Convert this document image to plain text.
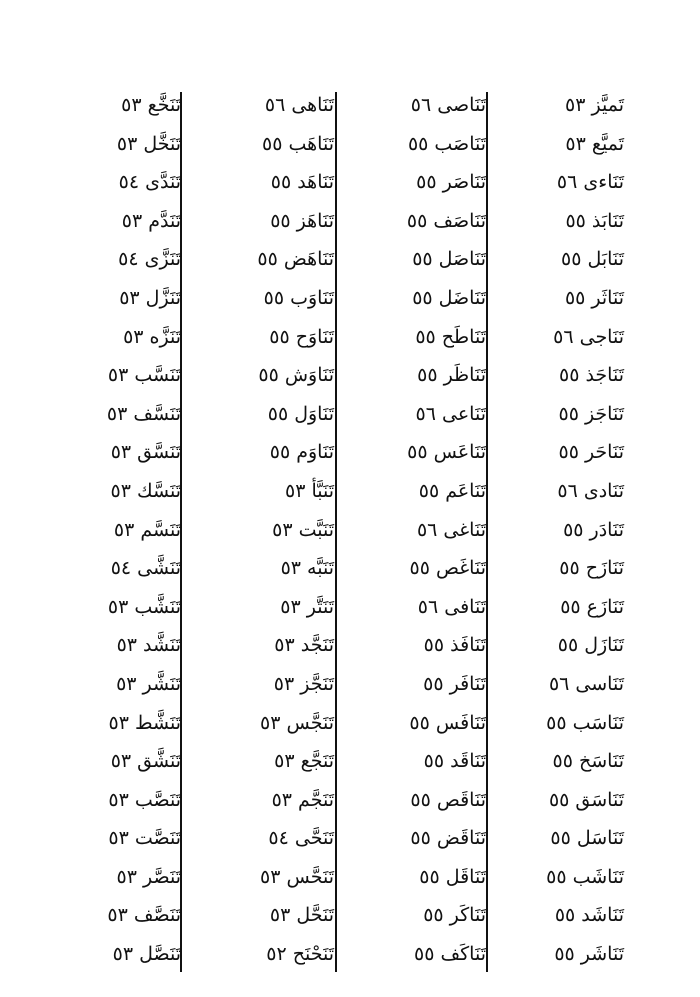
تَميَّز ٥٣
تَميَّع ٥٣
تَنَاءى ٥٦
تَنَابَذ ٥٥
تَنَابَل ٥٥
تَنَاثَر ٥٥
تَنَاجى ٥٦
تَنَاجَذ ٥٥
تَنَاجَز ٥٥
تَنَاحَر ٥٥
تَنَادى ٥٦
تَنَادَر ٥٥
تَنَازَح ٥٥
تَنَازَع ٥٥
تَنَازَل ٥٥
تَنَاسى ٥٦
تَنَاسَب ٥٥
تَنَاسَخ ٥٥
تَنَاسَق ٥٥
تَنَاسَل ٥٥
تَنَاشَب ٥٥
تَنَاشَد ٥٥
تَنَاشَر ٥٥
تَنَاصى ٥٦
تَنَاصَب ٥٥
تَنَاصَر ٥٥
تَنَاصَف ٥٥
تَنَاصَل ٥٥
تَنَاضَل ٥٥
تَنَاطَح ٥٥
تَنَاظَر ٥٥
تَنَاعى ٥٦
تَنَاعَس ٥٥
تَنَاعَم ٥٥
تَنَاغى ٥٦
تَنَاغَص ٥٥
تَنَافى ٥٦
تَنَافَذ ٥٥
تَنَافَر ٥٥
تَنَافَس ٥٥
تَنَاقَد ٥٥
تَنَاقَص ٥٥
تَنَاقَض ٥٥
تَنَاقَل ٥٥
تَنَاكَر ٥٥
تَنَاكَف ٥٥
تَنَاهى ٥٦
تَنَاهَب ٥٥
تَنَاهَد ٥٥
تَنَاهَز ٥٥
تَنَاهَض ٥٥
تَنَاوَب ٥٥
تَنَاوَح ٥٥
تَنَاوَش ٥٥
تَنَاوَل ٥٥
تَنَاوَم ٥٥
تَنَبَّأ ٥٣
تَنَبَّت ٥٣
تَنَبَّه ٥٣
تَنَتَّر ٥٣
تَنَجَّد ٥٣
تَنَجَّز ٥٣
تَنَجَّس ٥٣
تَنَجَّع ٥٣
تَنَجَّم ٥٣
تَنَحَّى ٥٤
تَنَحَّس ٥٣
تَنَحَّل ٥٣
تَنَحْنَح ٥٢
تَنَخَّع ٥٣
تَنَخَّل ٥٣
تَنَدَّى ٥٤
تَنَدَّم ٥٣
تَنَزَّى ٥٤
تَنَزَّل ٥٣
تَنَزَّه ٥٣
تَنَسَّب ٥٣
تَنَسَّف ٥٣
تَنَسَّق ٥٣
تَنَسَّك ٥٣
تَنَسَّم ٥٣
تَنَشَّى ٥٤
تَنَشَّب ٥٣
تَنَشَّد ٥٣
تَنَشَّر ٥٣
تَنَشَّط ٥٣
تَنَشَّق ٥٣
تَنَصَّب ٥٣
تَنَصَّت ٥٣
تَنَصَّر ٥٣
تَنَصَّف ٥٣
تَنَصَّل ٥٣
